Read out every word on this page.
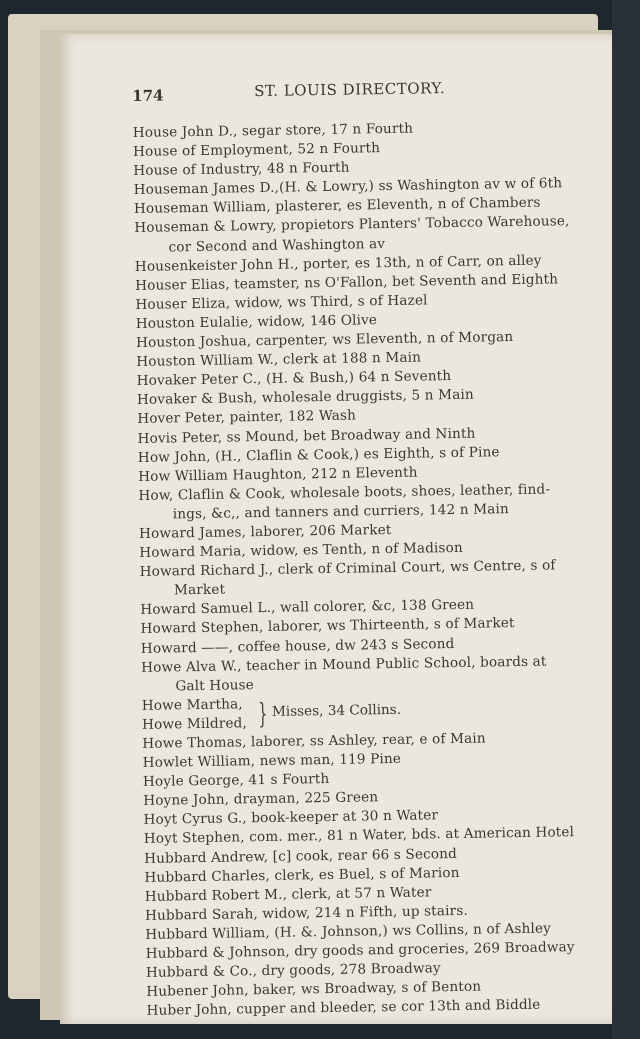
174	ST. LOUIS DIRECTORY.
House John D., segar store, 17 n Fourth
House of Employment, 52 n Fourth
House of Industry, 48 n Fourth
Houseman James D.,(H. & Lowry,) ss Washington av w of 6th
Houseman William, plasterer, es Eleventh, n of Chambers
Houseman & Lowry, propietors Planters' Tobacco Warehouse,
cor Second and Washington av
Housenkeister John H., porter, es 13th, n of Carr, on alley
Houser Elias, teamster, ns O'Fallon, bet Seventh and Eighth
Houser Eliza, widow, ws Third, s of Hazel
Houston Eulalie, widow, 146 Olive
Houston Joshua, carpenter, ws Eleventh, n of Morgan
Houston William W., clerk at 188 n Main
Hovaker Peter C., (H. & Bush,) 64 n Seventh
Hovaker & Bush, wholesale druggists, 5 n Main
Hover Peter, painter, 182 Wash
Hovis Peter, ss Mound, bet Broadway and Ninth
How John, (H., Claflin & Cook,) es Eighth, s of Pine
How William Haughton, 212 n Eleventh
How, Claflin & Cook, wholesale boots, shoes, leather, find-
ings, &c,, and tanners and curriers, 142 n Main
Howard James, laborer, 206 Market
Howard Maria, widow, es Tenth, n of Madison
Howard Richard J., clerk of Criminal Court, ws Centre, s of
Market
Howard Samuel L., wall colorer, &c, 138 Green
Howard Stephen, laborer, ws Thirteenth, s of Market
Howard ——, coffee house, dw 243 s Second
Howe Alva W., teacher in Mound Public School, boards at
Galt House
Howe Martha,
Howe Mildred, } Misses, 34 Collins.
Howe Thomas, laborer, ss Ashley, rear, e of Main
Howlet William, news man, 119 Pine
Hoyle George, 41 s Fourth
Hoyne John, drayman, 225 Green
Hoyt Cyrus G., book-keeper at 30 n Water
Hoyt Stephen, com. mer., 81 n Water, bds. at American Hotel
Hubbard Andrew, [c] cook, rear 66 s Second
Hubbard Charles, clerk, es Buel, s of Marion
Hubbard Robert M., clerk, at 57 n Water
Hubbard Sarah, widow, 214 n Fifth, up stairs.
Hubbard William, (H. &. Johnson,) ws Collins, n of Ashley
Hubbard & Johnson, dry goods and groceries, 269 Broadway
Hubbard & Co., dry goods, 278 Broadway
Hubener John, baker, ws Broadway, s of Benton
Huber John, cupper and bleeder, se cor 13th and Biddle
